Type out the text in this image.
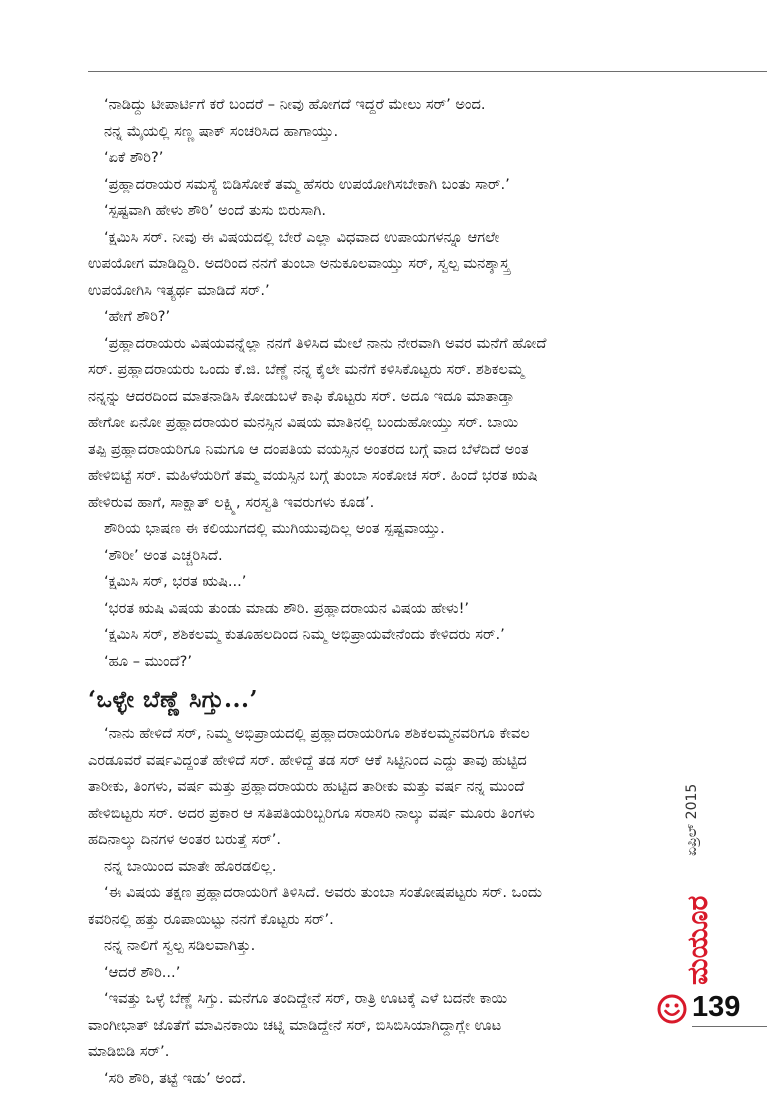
‘ನಾಡಿದ್ದು ಟೀಪಾರ್ಟಿಗೆ ಕರೆ ಬಂದರೆ – ನೀವು ಹೋಗದೆ ಇದ್ದರೆ ಮೇಲು ಸರ್’ ಅಂದ.
ನನ್ನ ಮೈಯಲ್ಲಿ ಸಣ್ಣ ಷಾಕ್ ಸಂಚರಿಸಿದ ಹಾಗಾಯ್ತು.
‘ಏಕೆ ಶೌರಿ?’
‘ಪ್ರಹ್ಲಾದರಾಯರ ಸಮಸ್ಯೆ ಬಿಡಿಸೋಕೆ ತಮ್ಮ ಹೆಸರು ಉಪಯೋಗಿಸಬೇಕಾಗಿ ಬಂತು ಸಾರ್.’
‘ಸ್ಪಷ್ಟವಾಗಿ ಹೇಳು ಶೌರಿ’ ಅಂದೆ ತುಸು ಬಿರುಸಾಗಿ.
‘ಕ್ಷಮಿಸಿ ಸರ್. ನೀವು ಈ ವಿಷಯದಲ್ಲಿ ಬೇರೆ ಎಲ್ಲಾ ವಿಧವಾದ ಉಪಾಯಗಳನ್ನೂ ಆಗಲೇ
ಉಪಯೋಗ ಮಾಡಿದ್ದಿರಿ. ಅದರಿಂದ ನನಗೆ ತುಂಬಾ ಅನುಕೂಲವಾಯ್ತು ಸರ್, ಸ್ವಲ್ಪ ಮನಶ್ಶಾಸ್ತ್ರ
ಉಪಯೋಗಿಸಿ ಇತ್ಯರ್ಥ ಮಾಡಿದೆ ಸರ್.’
‘ಹೇಗೆ ಶೌರಿ?’
‘ಪ್ರಹ್ಲಾದರಾಯರು ವಿಷಯವನ್ನೆಲ್ಲಾ ನನಗೆ ತಿಳಿಸಿದ ಮೇಲೆ ನಾನು ನೇರವಾಗಿ ಅವರ ಮನೆಗೆ ಹೋದೆ
ಸರ್. ಪ್ರಹ್ಲಾದರಾಯರು ಒಂದು ಕೆ.ಜಿ. ಬೆಣ್ಣೆ ನನ್ನ ಕೈಲೇ ಮನೆಗೆ ಕಳಿಸಿಕೊಟ್ಟರು ಸರ್. ಶಶಿಕಲಮ್ಮ
ನನ್ನನ್ನು ಆದರದಿಂದ ಮಾತನಾಡಿಸಿ ಕೋಡುಬಳೆ ಕಾಫಿ ಕೊಟ್ಟರು ಸರ್. ಅದೂ ಇದೂ ಮಾತಾಡ್ತಾ
ಹೇಗೋ ಏನೋ ಪ್ರಹ್ಲಾದರಾಯರ ಮನಸ್ಸಿನ ವಿಷಯ ಮಾತಿನಲ್ಲಿ ಬಂದುಹೋಯ್ತು ಸರ್. ಬಾಯಿ
ತಪ್ಪಿ ಪ್ರಹ್ಲಾದರಾಯರಿಗೂ ನಿಮಗೂ ಆ ದಂಪತಿಯ ವಯಸ್ಸಿನ ಅಂತರದ ಬಗ್ಗೆ ವಾದ ಬೆಳೆದಿದೆ ಅಂತ
ಹೇಳಿಬಿಟ್ಟೆ ಸರ್. ಮಹಿಳೆಯರಿಗೆ ತಮ್ಮ ವಯಸ್ಸಿನ ಬಗ್ಗೆ ತುಂಬಾ ಸಂಕೋಚ ಸರ್. ಹಿಂದೆ ಭರತ ಋಷಿ
ಹೇಳಿರುವ ಹಾಗೆ, ಸಾಕ್ಷಾತ್ ಲಕ್ಷ್ಮಿ, ಸರಸ್ವತಿ ಇವರುಗಳು ಕೂಡ’.
ಶೌರಿಯ ಭಾಷಣ ಈ ಕಲಿಯುಗದಲ್ಲಿ ಮುಗಿಯುವುದಿಲ್ಲ ಅಂತ ಸ್ಪಷ್ಟವಾಯ್ತು.
‘ಶೌರೀ’ ಅಂತ ಎಚ್ಚರಿಸಿದೆ.
‘ಕ್ಷಮಿಸಿ ಸರ್, ಭರತ ಋಷಿ...’
‘ಭರತ ಋಷಿ ವಿಷಯ ತುಂಡು ಮಾಡು ಶೌರಿ. ಪ್ರಹ್ಲಾದರಾಯನ ವಿಷಯ ಹೇಳು!’
‘ಕ್ಷಮಿಸಿ ಸರ್, ಶಶಿಕಲಮ್ಮ ಕುತೂಹಲದಿಂದ ನಿಮ್ಮ ಅಭಿಪ್ರಾಯವೇನೆಂದು ಕೇಳಿದರು ಸರ್.’
‘ಹೂ – ಮುಂದೆ?’
‘ಒಳ್ಳೇ ಬೆಣ್ಣೆ ಸಿಗ್ತು...’
‘ನಾನು ಹೇಳಿದೆ ಸರ್, ನಿಮ್ಮ ಅಭಿಪ್ರಾಯದಲ್ಲಿ ಪ್ರಹ್ಲಾದರಾಯರಿಗೂ ಶಶಿಕಲಮ್ಮನವರಿಗೂ ಕೇವಲ
ಎರಡೂವರೆ ವರ್ಷವಿದ್ದಂತೆ ಹೇಳಿದೆ ಸರ್. ಹೇಳಿದ್ದೆ ತಡ ಸರ್ ಆಕೆ ಸಿಟ್ಟಿನಿಂದ ಎದ್ದು ತಾವು ಹುಟ್ಟಿದ
ತಾರೀಕು, ತಿಂಗಳು, ವರ್ಷ ಮತ್ತು ಪ್ರಹ್ಲಾದರಾಯರು ಹುಟ್ಟಿದ ತಾರೀಕು ಮತ್ತು ವರ್ಷ ನನ್ನ ಮುಂದೆ
ಹೇಳಿಬಿಟ್ಟರು ಸರ್. ಅದರ ಪ್ರಕಾರ ಆ ಸತಿಪತಿಯರಿಬ್ಬರಿಗೂ ಸರಾಸರಿ ನಾಲ್ಕು ವರ್ಷ ಮೂರು ತಿಂಗಳು
ಹದಿನಾಲ್ಕು ದಿನಗಳ ಅಂತರ ಬರುತ್ತೆ ಸರ್’.
ನನ್ನ ಬಾಯಿಂದ ಮಾತೇ ಹೊರಡಲಿಲ್ಲ.
‘ಈ ವಿಷಯ ತಕ್ಷಣ ಪ್ರಹ್ಲಾದರಾಯರಿಗೆ ತಿಳಿಸಿದೆ. ಅವರು ತುಂಬಾ ಸಂತೋಷಪಟ್ಟರು ಸರ್. ಒಂದು
ಕವರಿನಲ್ಲಿ ಹತ್ತು ರೂಪಾಯಿಟ್ಟು ನನಗೆ ಕೊಟ್ಟರು ಸರ್’.
ನನ್ನ ನಾಲಿಗೆ ಸ್ವಲ್ಪ ಸಡಿಲವಾಗಿತ್ತು.
‘ಆದರೆ ಶೌರಿ...’
‘ಇವತ್ತು ಒಳ್ಳೆ ಬೆಣ್ಣೆ ಸಿಗ್ತು. ಮನೆಗೂ ತಂದಿದ್ದೇನೆ ಸರ್, ರಾತ್ರಿ ಊಟಕ್ಕೆ ಎಳೆ ಬದನೇ ಕಾಯಿ
ವಾಂಗೀಭಾತ್ ಜೊತೆಗೆ ಮಾವಿನಕಾಯಿ ಚಟ್ನಿ ಮಾಡಿದ್ದೇನೆ ಸರ್, ಬಿಸಿಬಿಸಿಯಾಗಿದ್ದಾಗ್ಲೇ ಊಟ
ಮಾಡಿಬಿಡಿ ಸರ್’.
‘ಸರಿ ಶೌರಿ, ತಟ್ಟೆ ಇಡು’ ಅಂದೆ.
ಏಪ್ರಿಲ್ 2015
ಮಯೂರ
139
